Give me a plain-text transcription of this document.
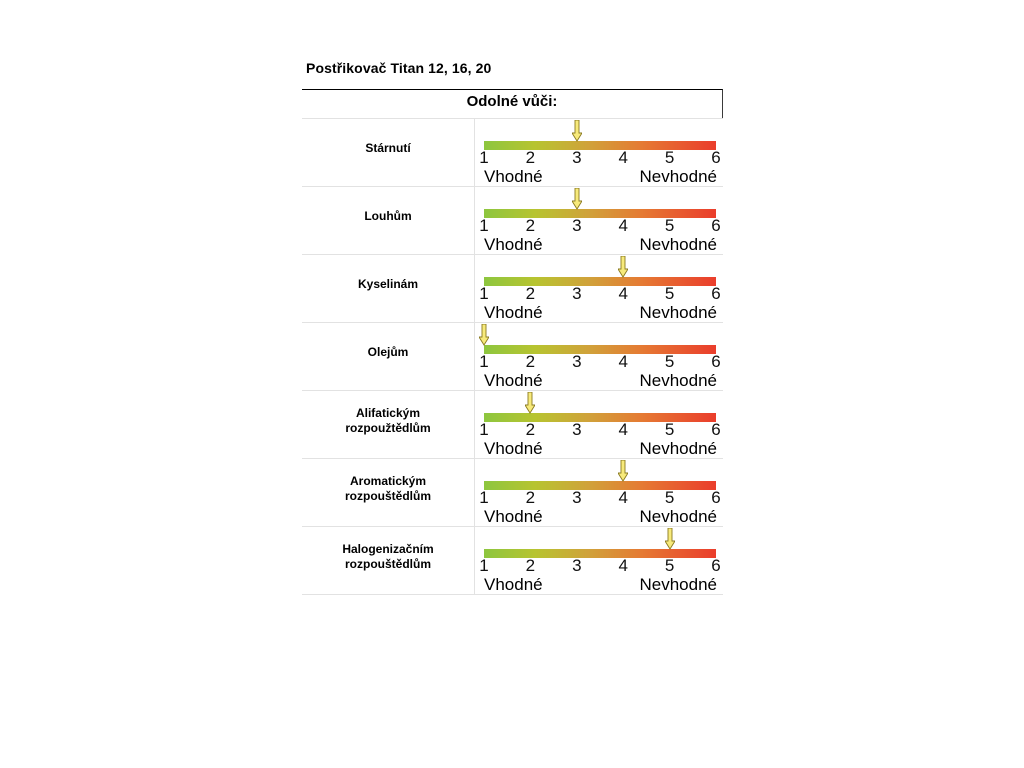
Postřikovač Titan 12, 16, 20
Odolné vůči:
Stárnutí	1 2 3 4 5 6
Vhodné	Nevhodné
Louhům	1 2 3 4 5 6
Vhodné	Nevhodné
Kyselinám	1 2 3 4 5 6
Vhodné	Nevhodné
Olejům	1 2 3 4 5 6
Vhodné	Nevhodné
Alifatickým
rozpoužtědlům	1 2 3 4 5 6
Vhodné	Nevhodné
Aromatickým
rozpouštědlům	1 2 3 4 5 6
Vhodné	Nevhodné
Halogenizačním
rozpouštědlům	1 2 3 4 5 6
Vhodné	Nevhodné
